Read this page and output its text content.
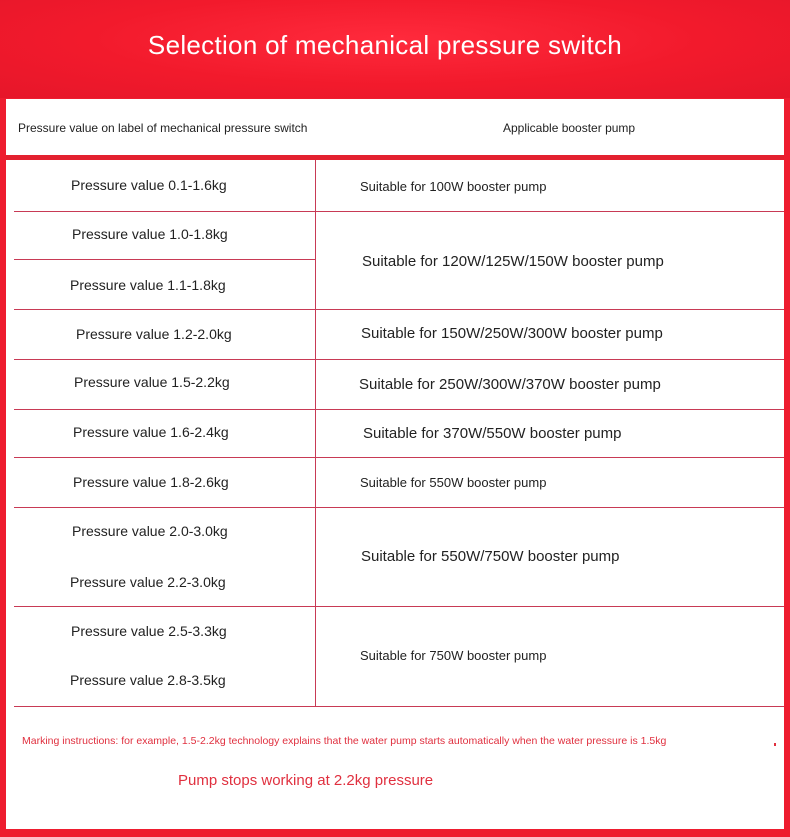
Selection of mechanical pressure switch
Pressure value on label of mechanical pressure switch	Applicable booster pump
Pressure value 0.1-1.6kg
Pressure value 1.0-1.8kg
Pressure value 1.1-1.8kg
Pressure value 1.2-2.0kg
Pressure value 1.5-2.2kg
Pressure value 1.6-2.4kg
Pressure value 1.8-2.6kg
Pressure value 2.0-3.0kg
Pressure value 2.2-3.0kg
Pressure value 2.5-3.3kg
Pressure value 2.8-3.5kg
Suitable for 100W booster pump
Suitable for 120W/125W/150W booster pump
Suitable for 150W/250W/300W booster pump
Suitable for 250W/300W/370W booster pump
Suitable for 370W/550W booster pump
Suitable for 550W booster pump
Suitable for 550W/750W booster pump
Suitable for 750W booster pump
Marking instructions: for example, 1.5-2.2kg technology explains that the water pump starts automatically when the water pressure is 1.5kg
Pump stops working at 2.2kg pressure
